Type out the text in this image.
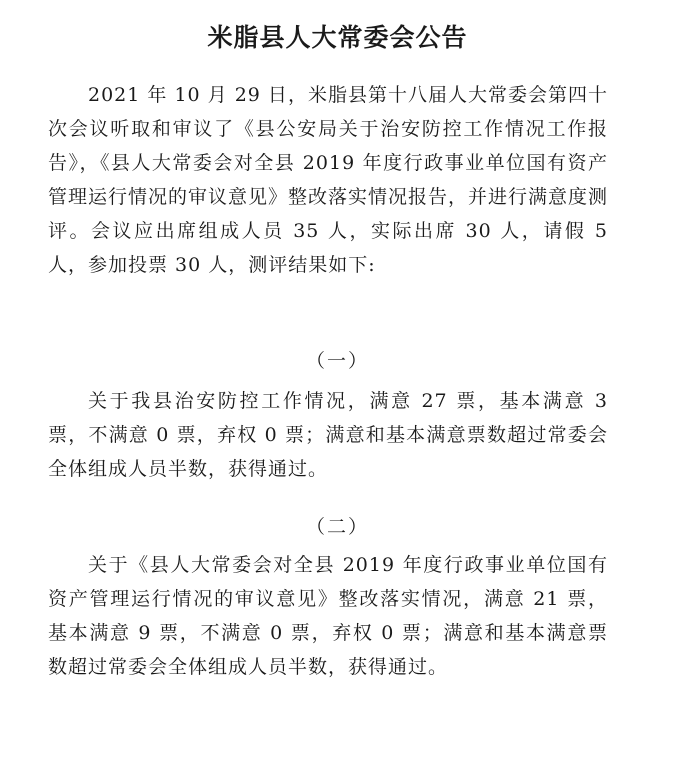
米脂县人大常委会公告

2021 年 10 月 29 日，米脂县第十八届人大常委会第四十次会议听取和审议了《县公安局关于治安防控工作情况工作报告》，《县人大常委会对全县 2019 年度行政事业单位国有资产管理运行情况的审议意见》整改落实情况报告，并进行满意度测评。会议应出席组成人员 35 人，实际出席 30 人，请假 5 人，参加投票 30 人，测评结果如下:

（一）

关于我县治安防控工作情况，满意 27 票，基本满意 3 票，不满意 0 票，弃权 0 票；满意和基本满意票数超过常委会全体组成人员半数，获得通过。

（二）

关于《县人大常委会对全县 2019 年度行政事业单位国有资产管理运行情况的审议意见》整改落实情况，满意 21 票，基本满意 9 票，不满意 0 票，弃权 0 票；满意和基本满意票数超过常委会全体组成人员半数，获得通过。
